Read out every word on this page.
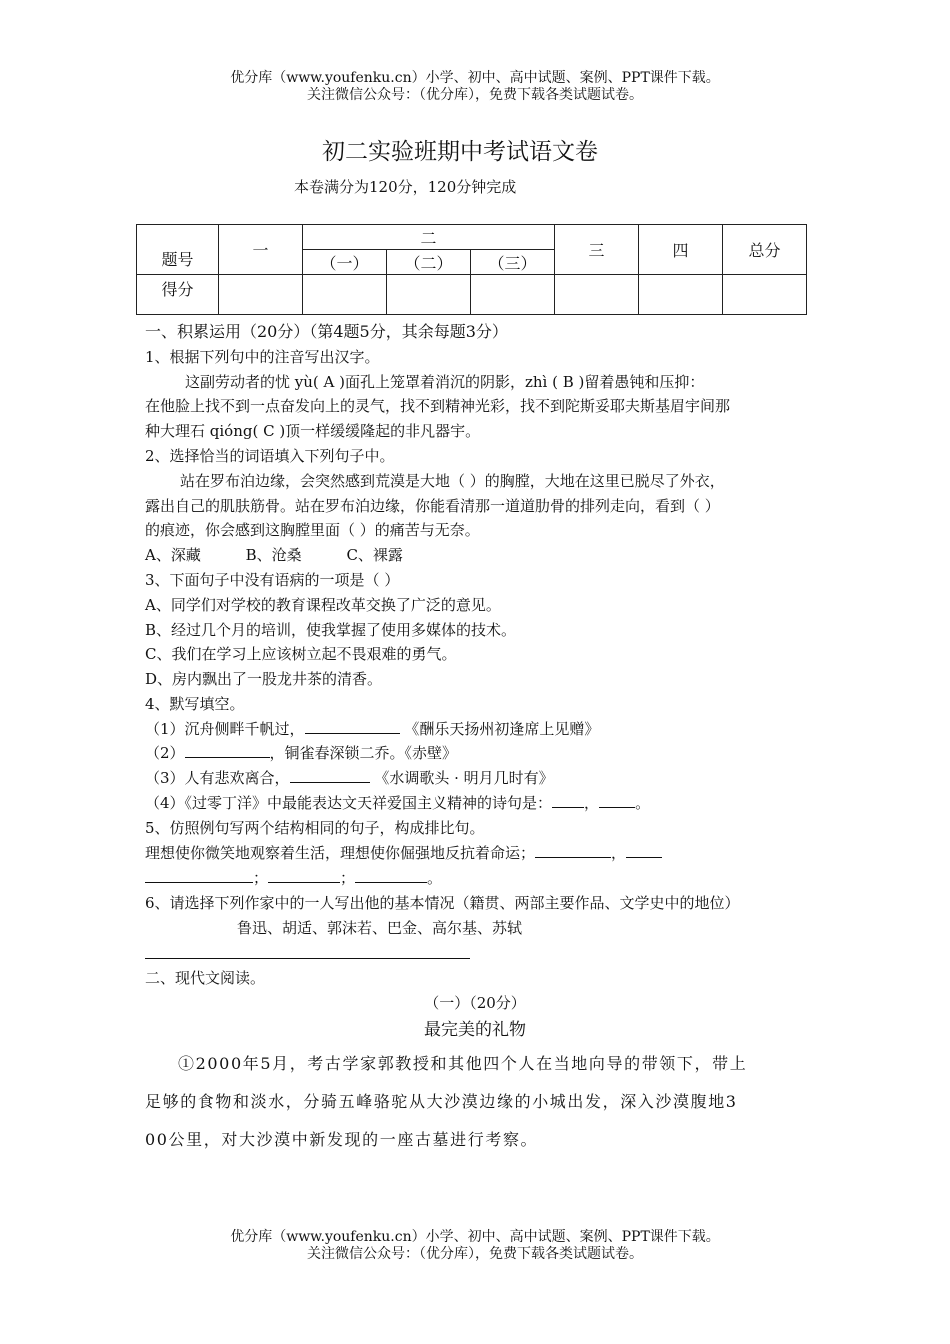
优分库（www.youfenku.cn）小学、初中、高中试题、案例、PPT课件下载。
关注微信公众号：（优分库），免费下载各类试题试卷。
初二实验班期中考试语文卷
本卷满分为120分，120分钟完成
题号	一	二			三	四	总分
		（一）	（二）	（三）			
得分							
一、积累运用（20分）（第4题5分，其余每题3分）
1、根据下列句中的注音写出汉字。
这副劳动者的忧 yù( A )面孔上笼罩着消沉的阴影，zhì ( B )留着愚钝和压抑：
在他脸上找不到一点奋发向上的灵气，找不到精神光彩，找不到陀斯妥耶夫斯基眉宇间那
种大理石 qióng( C )顶一样缓缓隆起的非凡器宇。
2、选择恰当的词语填入下列句子中。
站在罗布泊边缘，会突然感到荒漠是大地（ ）的胸膛，大地在这里已脱尽了外衣，
露出自己的肌肤筋骨。站在罗布泊边缘，你能看清那一道道肋骨的排列走向，看到（ ）
的痕迹，你会感到这胸膛里面（ ）的痛苦与无奈。
A、深藏	B、沧桑	C、裸露
3、下面句子中没有语病的一项是（ ）
A、同学们对学校的教育课程改革交换了广泛的意见。
B、经过几个月的培训，使我掌握了使用多媒体的技术。
C、我们在学习上应该树立起不畏艰难的勇气。
D、房内飘出了一股龙井茶的清香。
4、默写填空。
（1）沉舟侧畔千帆过，	《酬乐天扬州初逢席上见赠》
（2）	，铜雀春深锁二乔。《赤壁》
（3）人有悲欢离合，	《水调歌头 · 明月几时有》
（4）《过零丁洋》中最能表达文天祥爱国主义精神的诗句是： ， 。
5、仿照例句写两个结构相同的句子，构成排比句。
理想使你微笑地观察着生活，理想使你倔强地反抗着命运；	，
；	；	。
6、请选择下列作家中的一人写出他的基本情况（籍贯、两部主要作品、文学史中的地位）
鲁迅、胡适、郭沫若、巴金、高尔基、苏轼
二、现代文阅读。
（一）（20分）
最完美的礼物
①2000年5月，考古学家郭教授和其他四个人在当地向导的带领下，带上
足够的食物和淡水，分骑五峰骆驼从大沙漠边缘的小城出发，深入沙漠腹地3
00公里，对大沙漠中新发现的一座古墓进行考察。
优分库（www.youfenku.cn）小学、初中、高中试题、案例、PPT课件下载。
关注微信公众号：（优分库），免费下载各类试题试卷。
